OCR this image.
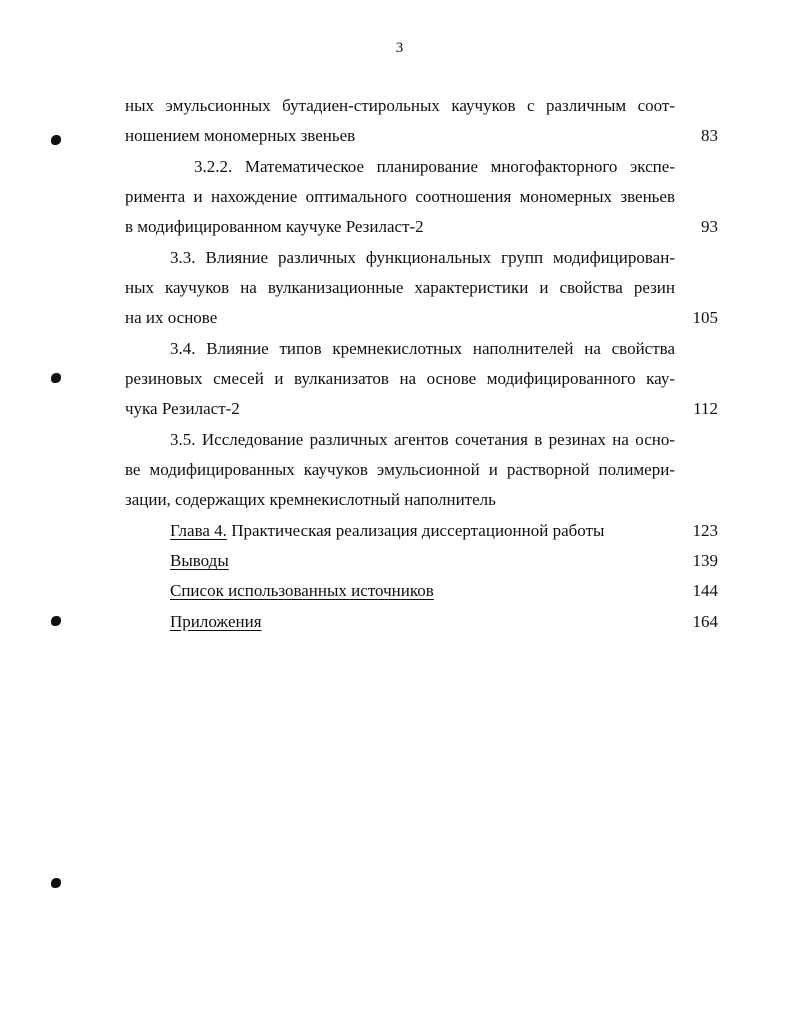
3
ных эмульсионных бутадиен-стирольных каучуков с различным соот-
ношением мономерных звеньев	83
3.2.2. Математическое планирование многофакторного экспе-
римента и нахождение оптимального соотношения мономерных звеньев
в модифицированном каучуке Резиласт-2	93
3.3. Влияние различных функциональных групп модифицирован-
ных каучуков на вулканизационные характеристики и свойства резин
на их основе	105
3.4. Влияние типов кремнекислотных наполнителей на свойства
резиновых смесей и вулканизатов на основе модифицированного кау-
чука Резиласт-2	112
3.5. Исследование различных агентов сочетания в резинах на осно-
ве модифицированных каучуков эмульсионной и растворной полимери-
зации, содержащих кремнекислотный наполнитель
Глава 4. Практическая реализация диссертационной работы	123
Выводы	139
Список использованных источников	144
Приложения	164
